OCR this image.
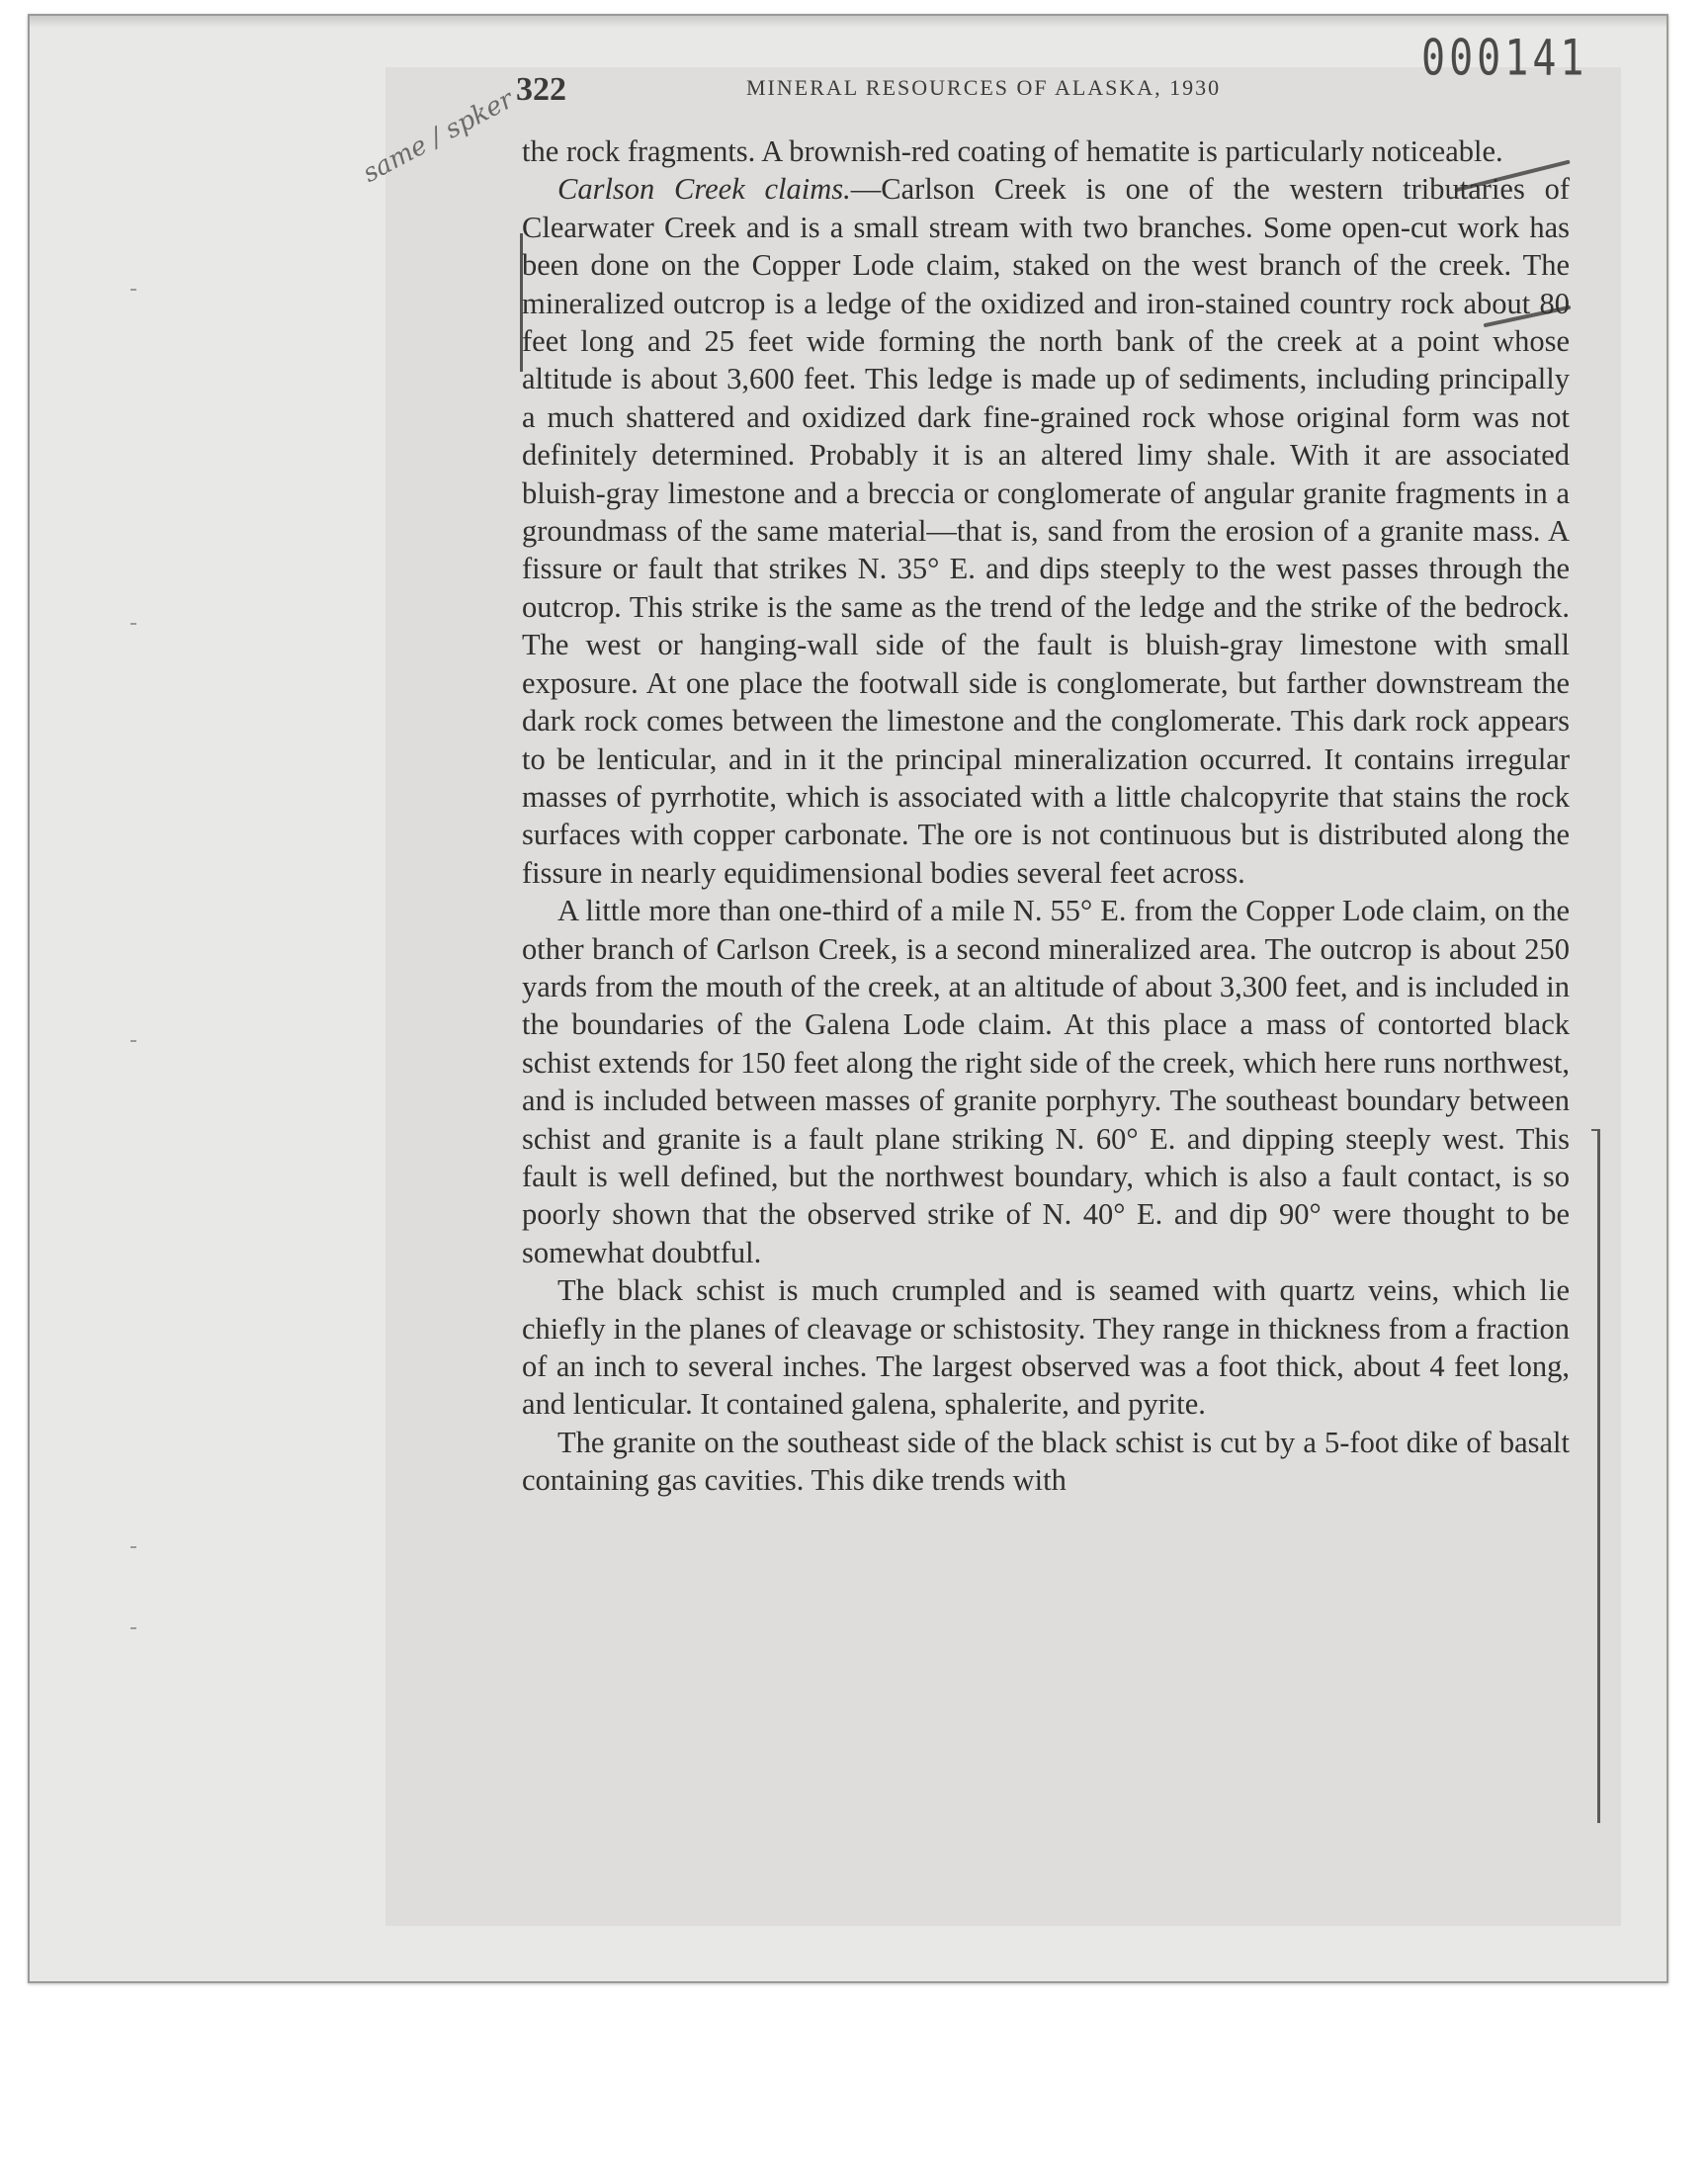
322	MINERAL RESOURCES OF ALASKA, 1930
000141
same / spker the rock fragments. A brownish-red coating of hematite is particularly noticeable.

Carlson Creek claims.—Carlson Creek is one of the western tributaries of Clearwater Creek and is a small stream with two branches. Some open-cut work has been done on the Copper Lode claim, staked on the west branch of the creek. The mineralized outcrop is a ledge of the oxidized and iron-stained country rock about 80 feet long and 25 feet wide forming the north bank of the creek at a point whose altitude is about 3,600 feet. This ledge is made up of sediments, including principally a much shattered and oxidized dark fine-grained rock whose original form was not definitely determined. Probably it is an altered limy shale. With it are associated bluish-gray limestone and a breccia or conglomerate of angular granite fragments in a groundmass of the same material—that is, sand from the erosion of a granite mass. A fissure or fault that strikes N. 35° E. and dips steeply to the west passes through the outcrop. This strike is the same as the trend of the ledge and the strike of the bedrock. The west or hanging-wall side of the fault is bluish-gray limestone with small exposure. At one place the footwall side is conglomerate, but farther downstream the dark rock comes between the limestone and the conglomerate. This dark rock appears to be lenticular, and in it the principal mineralization occurred. It contains irregular masses of pyrrhotite, which is associated with a little chalcopyrite that stains the rock surfaces with copper carbonate. The ore is not continuous but is distributed along the fissure in nearly equidimensional bodies several feet across.

A little more than one-third of a mile N. 55° E. from the Copper Lode claim, on the other branch of Carlson Creek, is a second mineralized area. The outcrop is about 250 yards from the mouth of the creek, at an altitude of about 3,300 feet, and is included in the boundaries of the Galena Lode claim. At this place a mass of contorted black schist extends for 150 feet along the right side of the creek, which here runs northwest, and is included between masses of granite porphyry. The southeast boundary between schist and granite is a fault plane striking N. 60° E. and dipping steeply west. This fault is well defined, but the northwest boundary, which is also a fault contact, is so poorly shown that the observed strike of N. 40° E. and dip 90° were thought to be somewhat doubtful.

The black schist is much crumpled and is seamed with quartz veins, which lie chiefly in the planes of cleavage or schistosity. They range in thickness from a fraction of an inch to several inches. The largest observed was a foot thick, about 4 feet long, and lenticular. It contained galena, sphalerite, and pyrite.

The granite on the southeast side of the black schist is cut by a 5-foot dike of basalt containing gas cavities. This dike trends with
